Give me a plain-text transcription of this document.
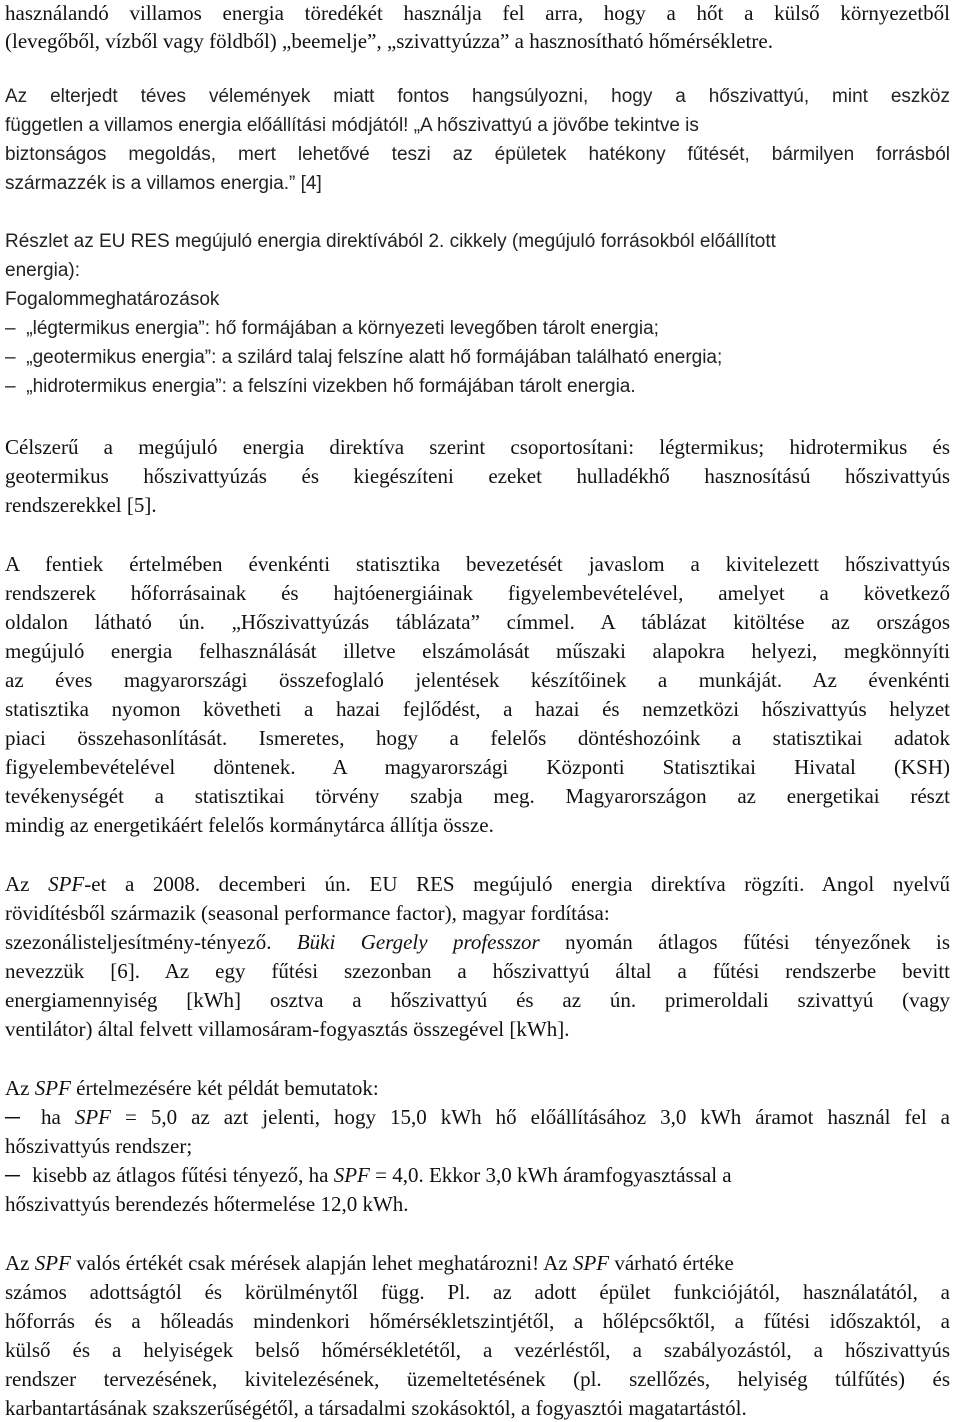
használandó villamos energia töredékét használja fel arra, hogy a hőt a külső környezetből
(levegőből, vízből vagy földből) „beemelje”, „szivattyúzza” a hasznosítható hőmérsékletre.
Az elterjedt téves vélemények miatt fontos hangsúlyozni, hogy a hőszivattyú, mint eszköz
független a villamos energia előállítási módjától! „A hőszivattyú a jövőbe tekintve is
biztonságos megoldás, mert lehetővé teszi az épületek hatékony fűtését, bármilyen forrásból
származzék is a villamos energia.” [4]
Részlet az EU RES megújuló energia direktívából 2. cikkely (megújuló forrásokból előállított
energia):
Fogalommeghatározások
– „légtermikus energia”: hő formájában a környezeti levegőben tárolt energia;
– „geotermikus energia”: a szilárd talaj felszíne alatt hő formájában található energia;
– „hidrotermikus energia”: a felszíni vizekben hő formájában tárolt energia.
Célszerű a megújuló energia direktíva szerint csoportosítani: légtermikus; hidrotermikus és
geotermikus hőszivattyúzás és kiegészíteni ezeket hulladékhő hasznosítású hőszivattyús
rendszerekkel [5].
A fentiek értelmében évenkénti statisztika bevezetését javaslom a kivitelezett hőszivattyús
rendszerek hőforrásainak és hajtóenergiáinak figyelembevételével, amelyet a következő
oldalon látható ún. „Hőszivattyúzás táblázata” címmel. A táblázat kitöltése az országos
megújuló energia felhasználását illetve elszámolását műszaki alapokra helyezi, megkönnyíti
az éves magyarországi összefoglaló jelentések készítőinek a munkáját. Az évenkénti
statisztika nyomon követheti a hazai fejlődést, a hazai és nemzetközi hőszivattyús helyzet
piaci összehasonlítását. Ismeretes, hogy a felelős döntéshozóink a statisztikai adatok
figyelembevételével döntenek. A magyarországi Központi Statisztikai Hivatal (KSH)
tevékenységét a statisztikai törvény szabja meg. Magyarországon az energetikai részt
mindig az energetikáért felelős kormánytárca állítja össze.
Az SPF-et a 2008. decemberi ún. EU RES megújuló energia direktíva rögzíti. Angol nyelvű
rövidítésből származik (seasonal performance factor), magyar fordítása:
szezonálisteljesítmény-tényező. Büki Gergely professzor nyomán átlagos fűtési tényezőnek is
nevezzük [6]. Az egy fűtési szezonban a hőszivattyú által a fűtési rendszerbe bevitt
energiamennyiség [kWh] osztva a hőszivattyú és az ún. primeroldali szivattyú (vagy
ventilátor) által felvett villamosáram-fogyasztás összegével [kWh].
Az SPF értelmezésére két példát bemutatok:
─ ha SPF = 5,0 az azt jelenti, hogy 15,0 kWh hő előállításához 3,0 kWh áramot használ fel a
hőszivattyús rendszer;
─ kisebb az átlagos fűtési tényező, ha SPF = 4,0. Ekkor 3,0 kWh áramfogyasztással a
hőszivattyús berendezés hőtermelése 12,0 kWh.
Az SPF valós értékét csak mérések alapján lehet meghatározni! Az SPF várható értéke
számos adottságtól és körülménytől függ. Pl. az adott épület funkciójától, használatától, a
hőforrás és a hőleadás mindenkori hőmérsékletszintjétől, a hőlépcsőktől, a fűtési időszaktól, a
külső és a helyiségek belső hőmérsékletétől, a vezérléstől, a szabályozástól, a hőszivattyús
rendszer tervezésének, kivitelezésének, üzemeltetésének (pl. szellőzés, helyiség túlfűtés) és
karbantartásának szakszerűségétől, a társadalmi szokásoktól, a fogyasztói magatartástól.
